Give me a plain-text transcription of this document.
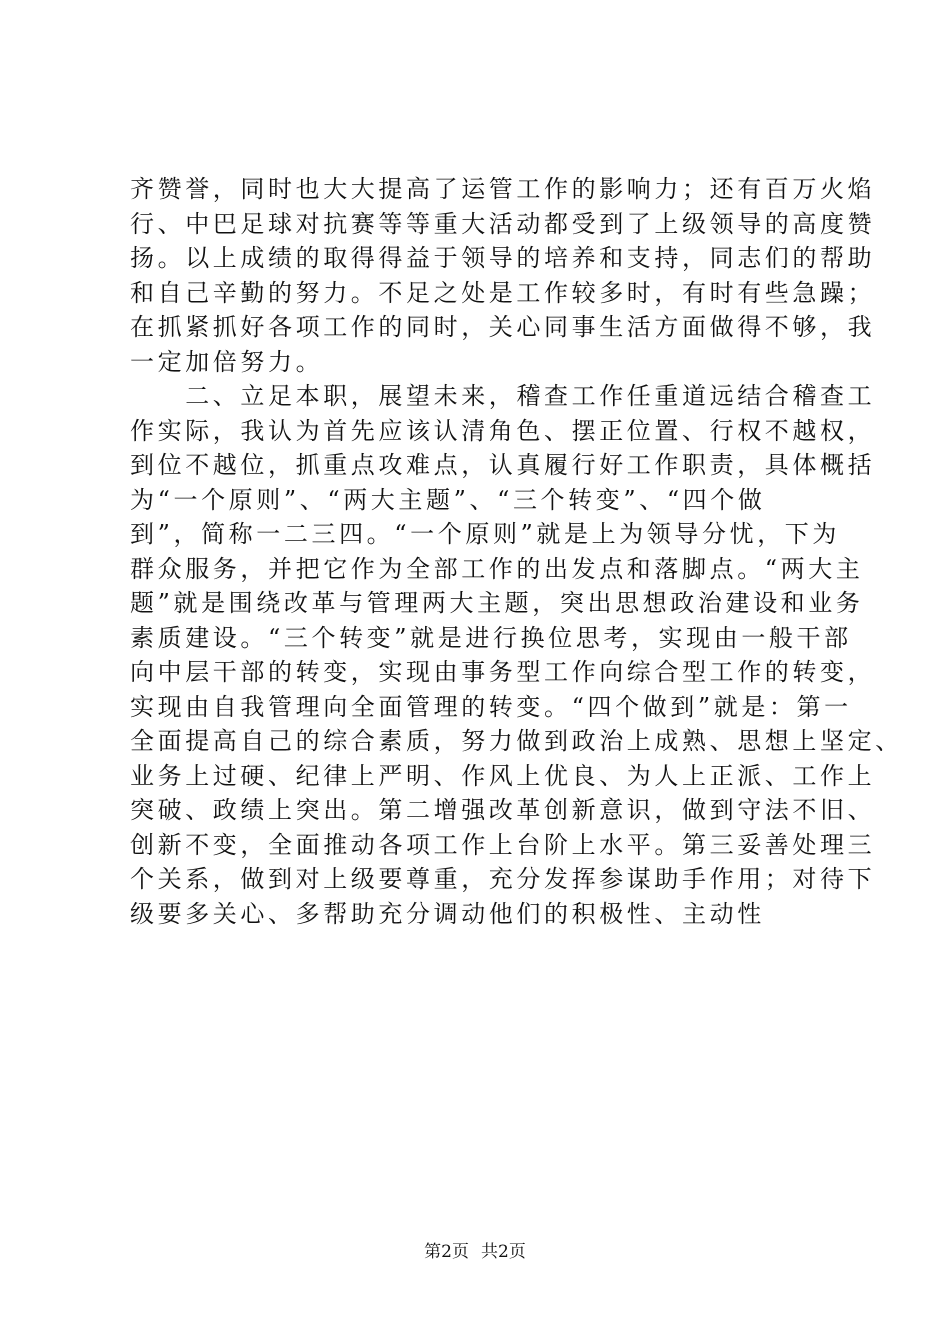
齐赞誉，同时也大大提高了运管工作的影响力；还有百万火焰
行、中巴足球对抗赛等等重大活动都受到了上级领导的高度赞
扬。以上成绩的取得得益于领导的培养和支持，同志们的帮助
和自己辛勤的努力。不足之处是工作较多时，有时有些急躁；
在抓紧抓好各项工作的同时，关心同事生活方面做得不够，我
一定加倍努力。
　　二、立足本职，展望未来，稽查工作任重道远结合稽查工
作实际，我认为首先应该认清角色、摆正位置、行权不越权，
到位不越位，抓重点攻难点，认真履行好工作职责，具体概括
为“一个原则”、“两大主题”、“三个转变”、“四个做
到”，简称一二三四。“一个原则”就是上为领导分忧，下为
群众服务，并把它作为全部工作的出发点和落脚点。“两大主
题”就是围绕改革与管理两大主题，突出思想政治建设和业务
素质建设。“三个转变”就是进行换位思考，实现由一般干部
向中层干部的转变，实现由事务型工作向综合型工作的转变，
实现由自我管理向全面管理的转变。“四个做到”就是：第一
全面提高自己的综合素质，努力做到政治上成熟、思想上坚定、
业务上过硬、纪律上严明、作风上优良、为人上正派、工作上
突破、政绩上突出。第二增强改革创新意识，做到守法不旧、
创新不变，全面推动各项工作上台阶上水平。第三妥善处理三
个关系，做到对上级要尊重，充分发挥参谋助手作用；对待下
级要多关心、多帮助充分调动他们的积极性、主动性
第2页 共2页
